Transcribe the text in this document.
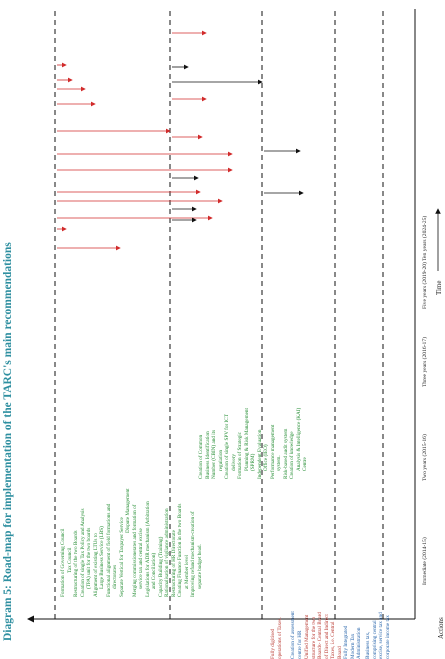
Diagram 5: Road-map for implementation of the TARC's main recommendations	Actions
Time
Immediate (2014-15)
Two years (2015-16)
Three years (2016-17)
Five years (2019-20)
Ten years (2024-25)
Formation of Governing Council Tax Council Restructuring of the two Boards Creation of single Tax Policy and Analysis (TPA) unit for the two boards Alignment of existing LTUs to Large Business Service (LBS) Functional alignment of field formations and directorates Separate Vertical for Taxpayer Service
Dispute Management Merging commissionerates and formation of service tax and central excise Legislations for ADR mechanism (Arbitration and Conciliation) Capacity Building (Training) Rationalisation of vigilance administration Restructuring of HR Directorate Creating Finance Function in the two Boards at Member level Improving refund mechanism-creation of separate budget head.
Creation of Common Business Identification Number (CBIN) and its regulation Creation of single SPV for ICT delivery Formation of Strategic Planning & Risk Management (SPRM) Independent Evaluation Office (IEO) Performance management system. Risk-based audit system Creation of knowledge Analysis & Intelligence (KAI) Centre
Fully digitised operations of Taxes. Creation of assessment centre for HR Unified Management structure for the two Boards- Central Board of Direct and Indirect Taxes, i.e. Central Board Fully Integrated Modern Tax Administration Business tax, comprising central excise, service tax and corporate income tax
